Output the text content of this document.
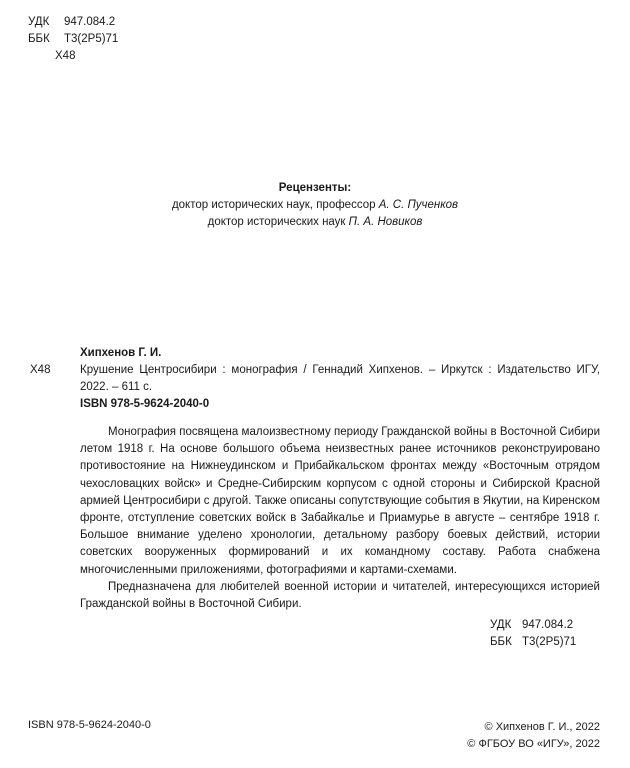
УДК 947.084.2
ББК Т3(2Р5)71
Х48
Рецензенты:
доктор исторических наук, профессор А. С. Пученков
доктор исторических наук П. А. Новиков
Хипхенов Г. И.
Х48	Крушение Центросибири : монография / Геннадий Хипхенов. – Иркутск : Издательство ИГУ, 2022. – 611 с.
ISBN 978-5-9624-2040-0

Монография посвящена малоизвестному периоду Гражданской войны в Восточной Сибири летом 1918 г. На основе большого объема неизвестных ранее источников реконструировано противостояние на Нижнеудинском и Прибайкальском фронтах между «Восточным отрядом чехословацких войск» и Средне-Сибирским корпусом с одной стороны и Сибирской Красной армией Центросибири с другой. Также описаны сопутствующие события в Якутии, на Киренском фронте, отступление советских войск в Забайкалье и Приамурье в августе – сентябре 1918 г. Большое внимание уделено хронологии, детальному разбору боевых действий, истории советских вооруженных формирований и их командному составу. Работа снабжена многочисленными приложениями, фотографиями и картами-схемами.

Предназначена для любителей военной истории и читателей, интересующихся историей Гражданской войны в Восточной Сибири.

УДК 947.084.2
ББК Т3(2Р5)71
ISBN 978-5-9624-2040-0	© Хипхенов Г. И., 2022
© ФГБОУ ВО «ИГУ», 2022
